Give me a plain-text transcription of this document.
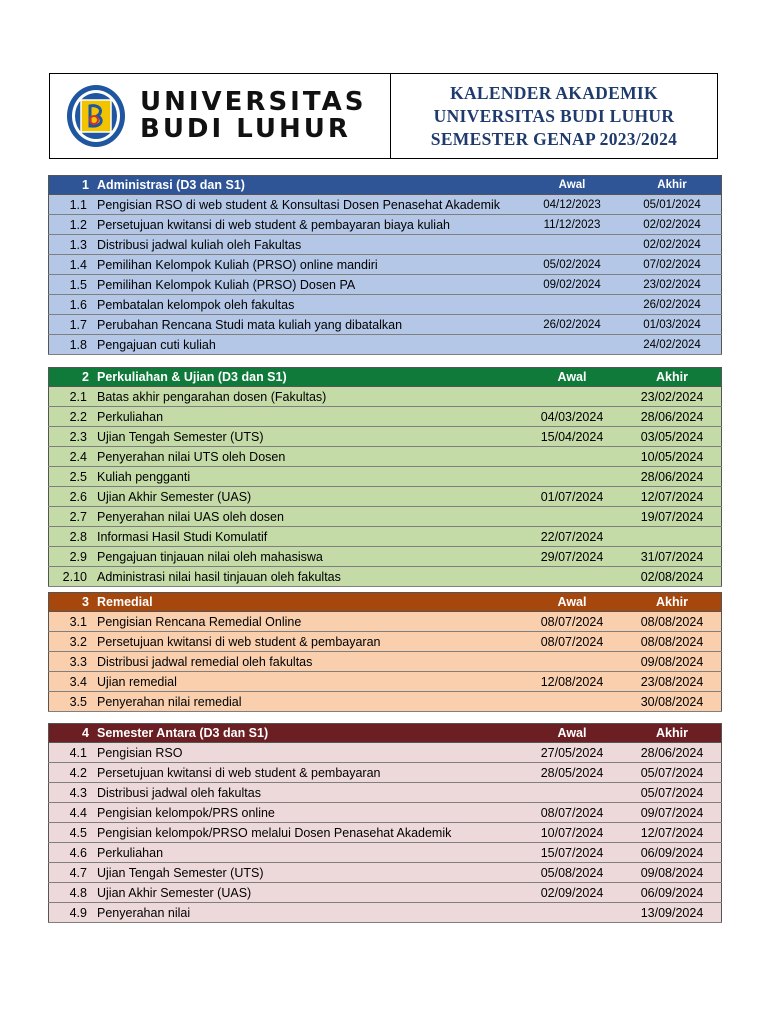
UNIVERSITAS
BUDI LUHUR
KALENDER AKADEMIK
UNIVERSITAS BUDI LUHUR
SEMESTER GENAP 2023/2024
1	Administrasi (D3 dan S1)	Awal	Akhir
1.1	Pengisian RSO di web student & Konsultasi Dosen Penasehat Akademik	04/12/2023	05/01/2024
1.2	Persetujuan kwitansi di web student & pembayaran biaya kuliah	11/12/2023	02/02/2024
1.3	Distribusi jadwal kuliah oleh Fakultas		02/02/2024
1.4	Pemilihan Kelompok Kuliah (PRSO) online mandiri	05/02/2024	07/02/2024
1.5	Pemilihan Kelompok Kuliah (PRSO) Dosen PA	09/02/2024	23/02/2024
1.6	Pembatalan kelompok oleh fakultas		26/02/2024
1.7	Perubahan Rencana Studi mata kuliah yang dibatalkan	26/02/2024	01/03/2024
1.8	Pengajuan cuti kuliah		24/02/2024
2	Perkuliahan & Ujian (D3 dan S1)	Awal	Akhir
2.1	Batas akhir pengarahan dosen (Fakultas)		23/02/2024
2.2	Perkuliahan	04/03/2024	28/06/2024
2.3	Ujian Tengah Semester (UTS)	15/04/2024	03/05/2024
2.4	Penyerahan nilai UTS oleh Dosen		10/05/2024
2.5	Kuliah pengganti		28/06/2024
2.6	Ujian Akhir Semester (UAS)	01/07/2024	12/07/2024
2.7	Penyerahan nilai UAS oleh dosen		19/07/2024
2.8	Informasi Hasil Studi Komulatif	22/07/2024	
2.9	Pengajuan tinjauan nilai oleh mahasiswa	29/07/2024	31/07/2024
2.10	Administrasi nilai hasil tinjauan oleh fakultas		02/08/2024
3	Remedial	Awal	Akhir
3.1	Pengisian Rencana Remedial Online	08/07/2024	08/08/2024
3.2	Persetujuan kwitansi di web student & pembayaran	08/07/2024	08/08/2024
3.3	Distribusi jadwal remedial oleh fakultas		09/08/2024
3.4	Ujian remedial	12/08/2024	23/08/2024
3.5	Penyerahan nilai remedial		30/08/2024
4	Semester Antara (D3 dan S1)	Awal	Akhir
4.1	Pengisian RSO	27/05/2024	28/06/2024
4.2	Persetujuan kwitansi di web student & pembayaran	28/05/2024	05/07/2024
4.3	Distribusi jadwal oleh fakultas		05/07/2024
4.4	Pengisian kelompok/PRS online	08/07/2024	09/07/2024
4.5	Pengisian kelompok/PRSO melalui Dosen Penasehat Akademik	10/07/2024	12/07/2024
4.6	Perkuliahan	15/07/2024	06/09/2024
4.7	Ujian Tengah Semester (UTS)	05/08/2024	09/08/2024
4.8	Ujian Akhir Semester (UAS)	02/09/2024	06/09/2024
4.9	Penyerahan nilai		13/09/2024
